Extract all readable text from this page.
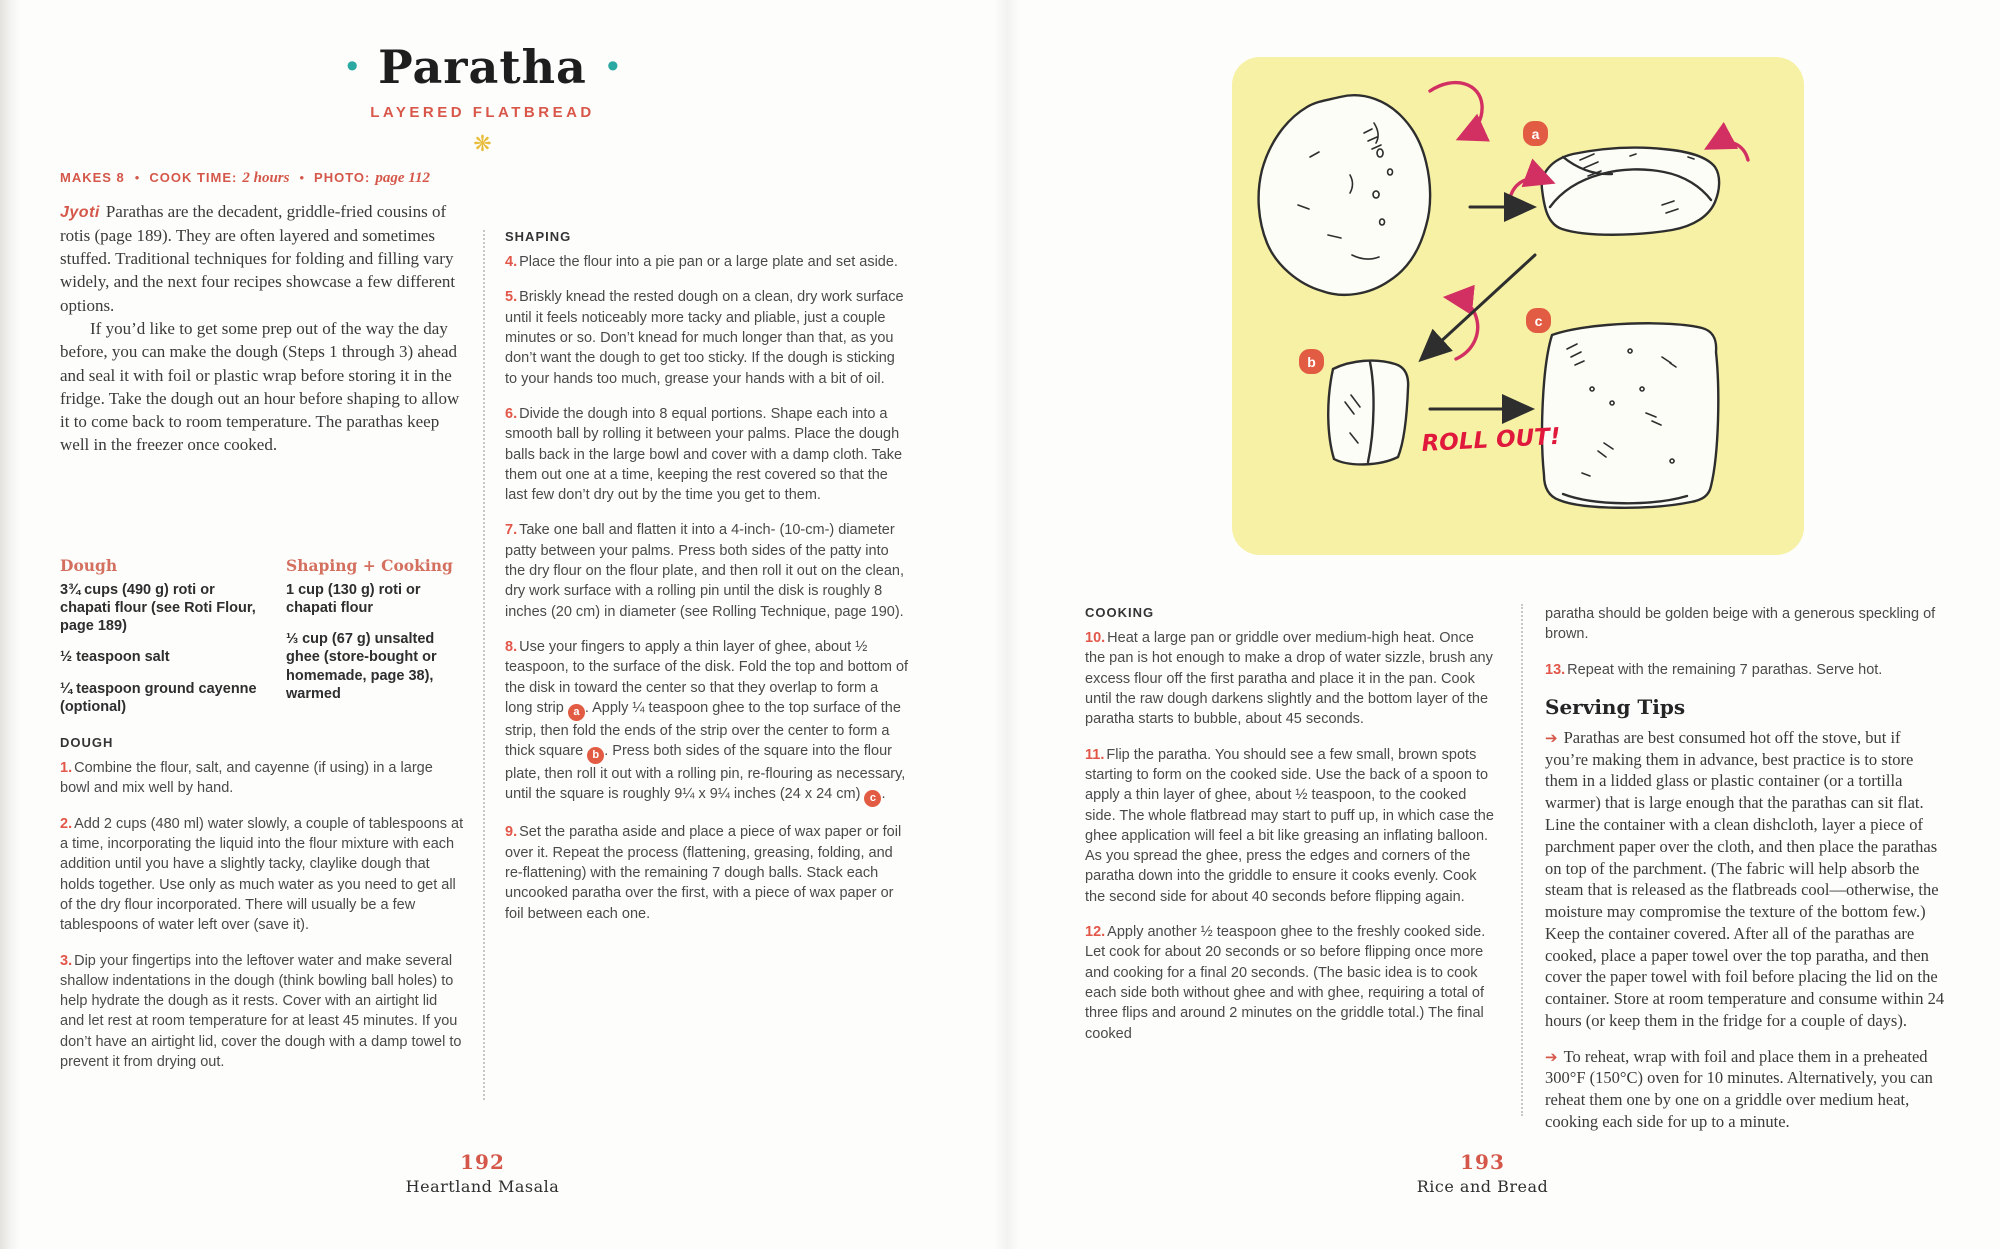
• Paratha •
LAYERED FLATBREAD
❋

MAKES 8 • COOK TIME: 2 hours • PHOTO: page 112

Jyoti Parathas are the decadent, griddle-fried cousins of rotis (page 189). They are often layered and sometimes stuffed. Traditional techniques for folding and filling vary widely, and the next four recipes showcase a few different options.

If you’d like to get some prep out of the way the day before, you can make the dough (Steps 1 through 3) ahead and seal it with foil or plastic wrap before storing it in the fridge. Take the dough out an hour before shaping to allow it to come back to room temperature. The parathas keep well in the freezer once cooked.

Dough

3¾ cups (490 g) roti or chapati flour (see Roti Flour, page 189)

½ teaspoon salt

¼ teaspoon ground cayenne (optional)

Shaping + Cooking

1 cup (130 g) roti or chapati flour

⅓ cup (67 g) unsalted ghee (store-bought or homemade, page 38), warmed

DOUGH

1. Combine the flour, salt, and cayenne (if using) in a large bowl and mix well by hand.

2. Add 2 cups (480 ml) water slowly, a couple of tablespoons at a time, incorporating the liquid into the flour mixture with each addition until you have a slightly tacky, claylike dough that holds together. Use only as much water as you need to get all of the dry flour incorporated. There will usually be a few tablespoons of water left over (save it).

3. Dip your fingertips into the leftover water and make several shallow indentations in the dough (think bowling ball holes) to help hydrate the dough as it rests. Cover with an airtight lid and let rest at room temperature for at least 45 minutes. If you don’t have an airtight lid, cover the dough with a damp towel to prevent it from drying out.

SHAPING

4. Place the flour into a pie pan or a large plate and set aside.

5. Briskly knead the rested dough on a clean, dry work surface until it feels noticeably more tacky and pliable, just a couple minutes or so. Don’t knead for much longer than that, as you don’t want the dough to get too sticky. If the dough is sticking to your hands too much, grease your hands with a bit of oil.

6. Divide the dough into 8 equal portions. Shape each into a smooth ball by rolling it between your palms. Place the dough balls back in the large bowl and cover with a damp cloth. Take them out one at a time, keeping the rest covered so that the last few don’t dry out by the time you get to them.

7. Take one ball and flatten it into a 4-inch- (10-cm-) diameter patty between your palms. Press both sides of the patty into the dry flour on the flour plate, and then roll it out on the clean, dry work surface with a rolling pin until the disk is roughly 8 inches (20 cm) in diameter (see Rolling Technique, page 190).

8. Use your fingers to apply a thin layer of ghee, about ½ teaspoon, to the surface of the disk. Fold the top and bottom of the disk in toward the center so that they overlap to form a long strip a . Apply ¼ teaspoon ghee to the top surface of the strip, then fold the ends of the strip over the center to form a thick square b . Press both sides of the square into the flour plate, then roll it out with a rolling pin, re-flouring as necessary, until the square is roughly 9¼ x 9¼ inches (24 x 24 cm) c .

9. Set the paratha aside and place a piece of wax paper or foil over it. Repeat the process (flattening, greasing, folding, and re-flattening) with the remaining 7 dough balls. Stack each uncooked paratha over the first, with a piece of wax paper or foil between each one.

192
Heartland Masala
ROLL OUT!
a
b
c

COOKING

10. Heat a large pan or griddle over medium-high heat. Once the pan is hot enough to make a drop of water sizzle, brush any excess flour off the first paratha and place it in the pan. Cook until the raw dough darkens slightly and the bottom layer of the paratha starts to bubble, about 45 seconds.

11. Flip the paratha. You should see a few small, brown spots starting to form on the cooked side. Use the back of a spoon to apply a thin layer of ghee, about ½ teaspoon, to the cooked side. The whole flatbread may start to puff up, in which case the ghee application will feel a bit like greasing an inflating balloon. As you spread the ghee, press the edges and corners of the paratha down into the griddle to ensure it cooks evenly. Cook the second side for about 40 seconds before flipping again.

12. Apply another ½ teaspoon ghee to the freshly cooked side. Let cook for about 20 seconds or so before flipping once more and cooking for a final 20 seconds. (The basic idea is to cook each side both without ghee and with ghee, requiring a total of three flips and around 2 minutes on the griddle total.) The final cooked

paratha should be golden beige with a generous speckling of brown.

13. Repeat with the remaining 7 parathas. Serve hot.

Serving Tips

➔ Parathas are best consumed hot off the stove, but if you’re making them in advance, best practice is to store them in a lidded glass or plastic container (or a tortilla warmer) that is large enough that the parathas can sit flat. Line the container with a clean dishcloth, layer a piece of parchment paper over the cloth, and then place the parathas on top of the parchment. (The fabric will help absorb the steam that is released as the flatbreads cool—otherwise, the moisture may compromise the texture of the bottom few.) Keep the container covered. After all of the parathas are cooked, place a paper towel over the top paratha, and then cover the paper towel with foil before placing the lid on the container. Store at room temperature and consume within 24 hours (or keep them in the fridge for a couple of days).

➔ To reheat, wrap with foil and place them in a preheated 300°F (150°C) oven for 10 minutes. Alternatively, you can reheat them one by one on a griddle over medium heat, cooking each side for up to a minute.

193
Rice and Bread
